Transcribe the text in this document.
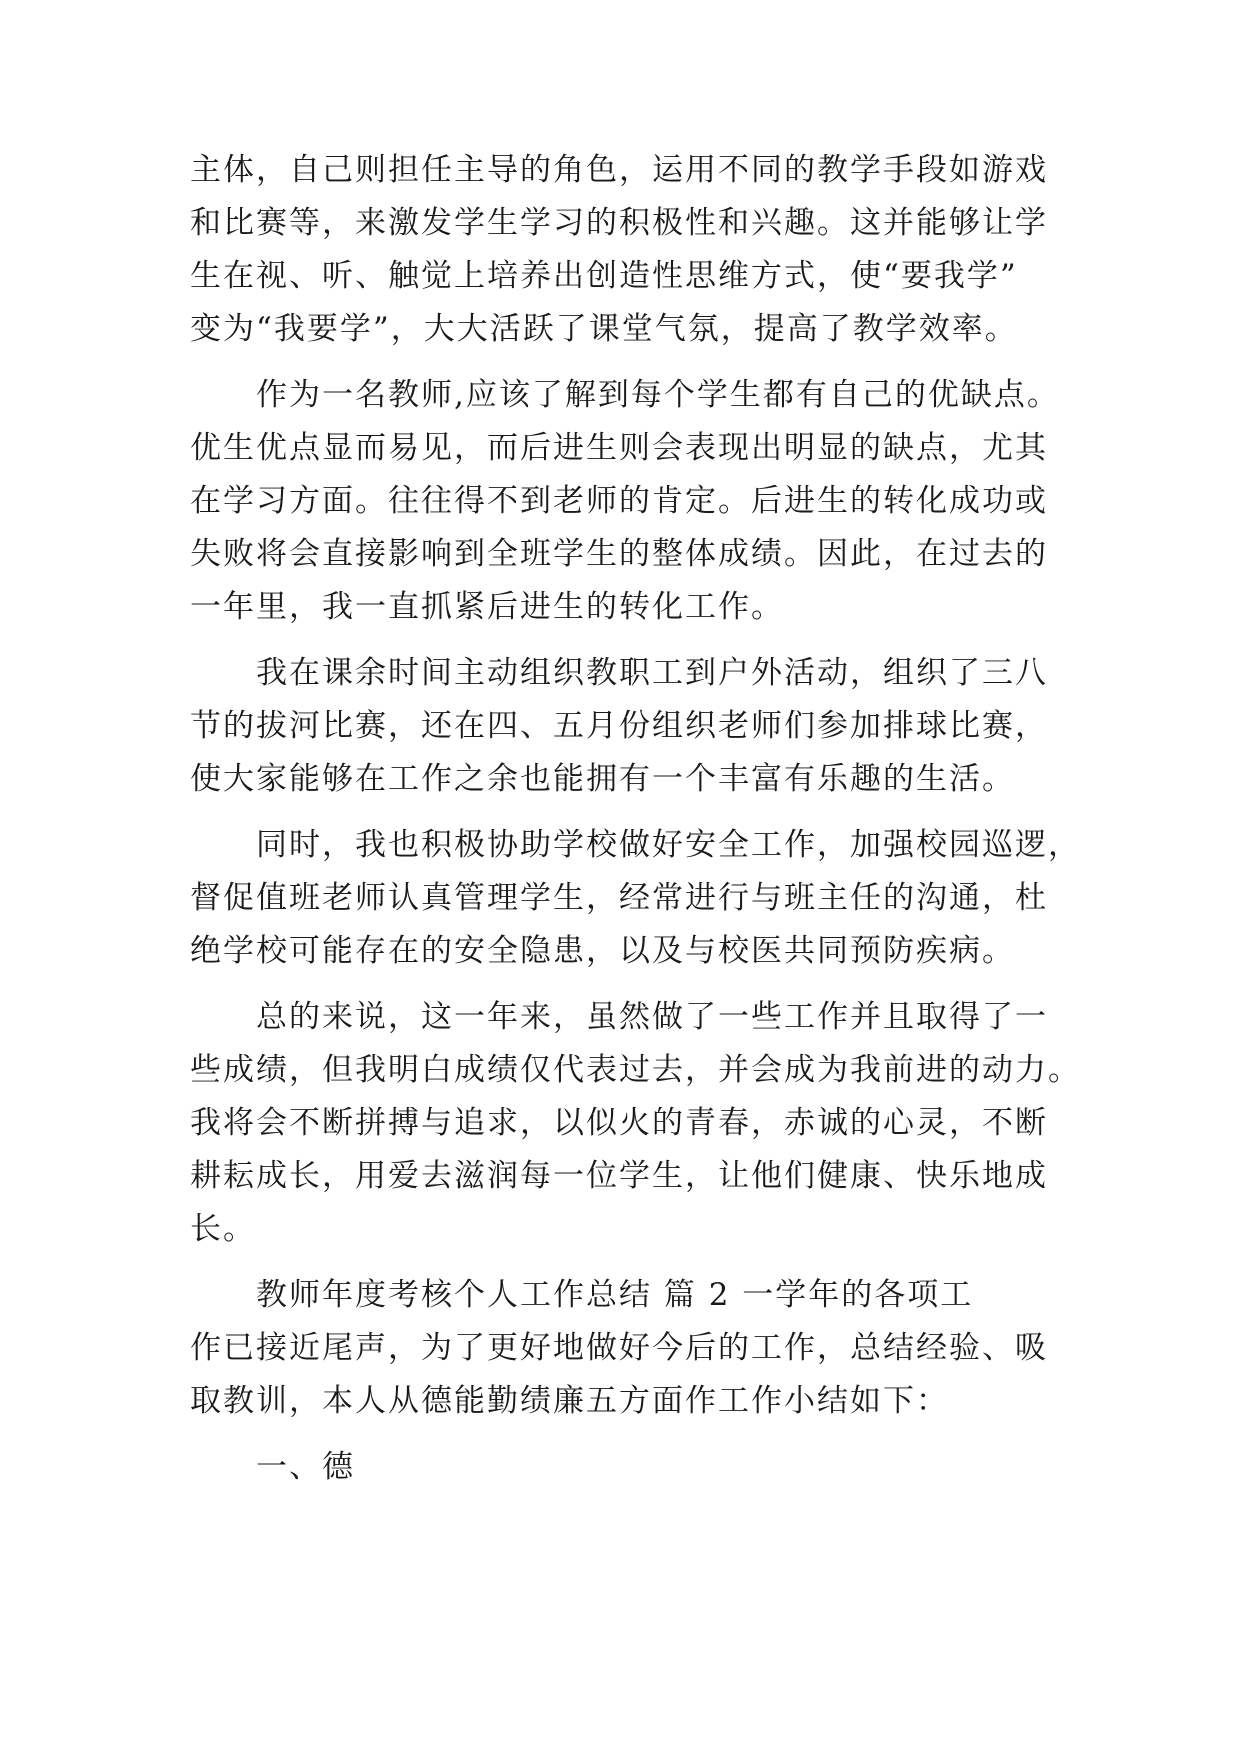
主体，自己则担任主导的角色，运用不同的教学手段如游戏
和比赛等，来激发学生学习的积极性和兴趣。这并能够让学
生在视、听、触觉上培养出创造性思维方式，使“要我学”
变为“我要学”，大大活跃了课堂气氛，提高了教学效率。
作为一名教师,应该了解到每个学生都有自己的优缺点。
优生优点显而易见，而后进生则会表现出明显的缺点，尤其
在学习方面。往往得不到老师的肯定。后进生的转化成功或
失败将会直接影响到全班学生的整体成绩。因此，在过去的
一年里，我一直抓紧后进生的转化工作。
我在课余时间主动组织教职工到户外活动，组织了三八
节的拔河比赛，还在四、五月份组织老师们参加排球比赛，
使大家能够在工作之余也能拥有一个丰富有乐趣的生活。
同时，我也积极协助学校做好安全工作，加强校园巡逻，
督促值班老师认真管理学生，经常进行与班主任的沟通，杜
绝学校可能存在的安全隐患，以及与校医共同预防疾病。
总的来说，这一年来，虽然做了一些工作并且取得了一
些成绩，但我明白成绩仅代表过去，并会成为我前进的动力。
我将会不断拼搏与追求，以似火的青春，赤诚的心灵，不断
耕耘成长，用爱去滋润每一位学生，让他们健康、快乐地成
长。
教师年度考核个人工作总结 篇 2 一学年的各项工
作已接近尾声，为了更好地做好今后的工作，总结经验、吸
取教训，本人从德能勤绩廉五方面作工作小结如下：
一、德
